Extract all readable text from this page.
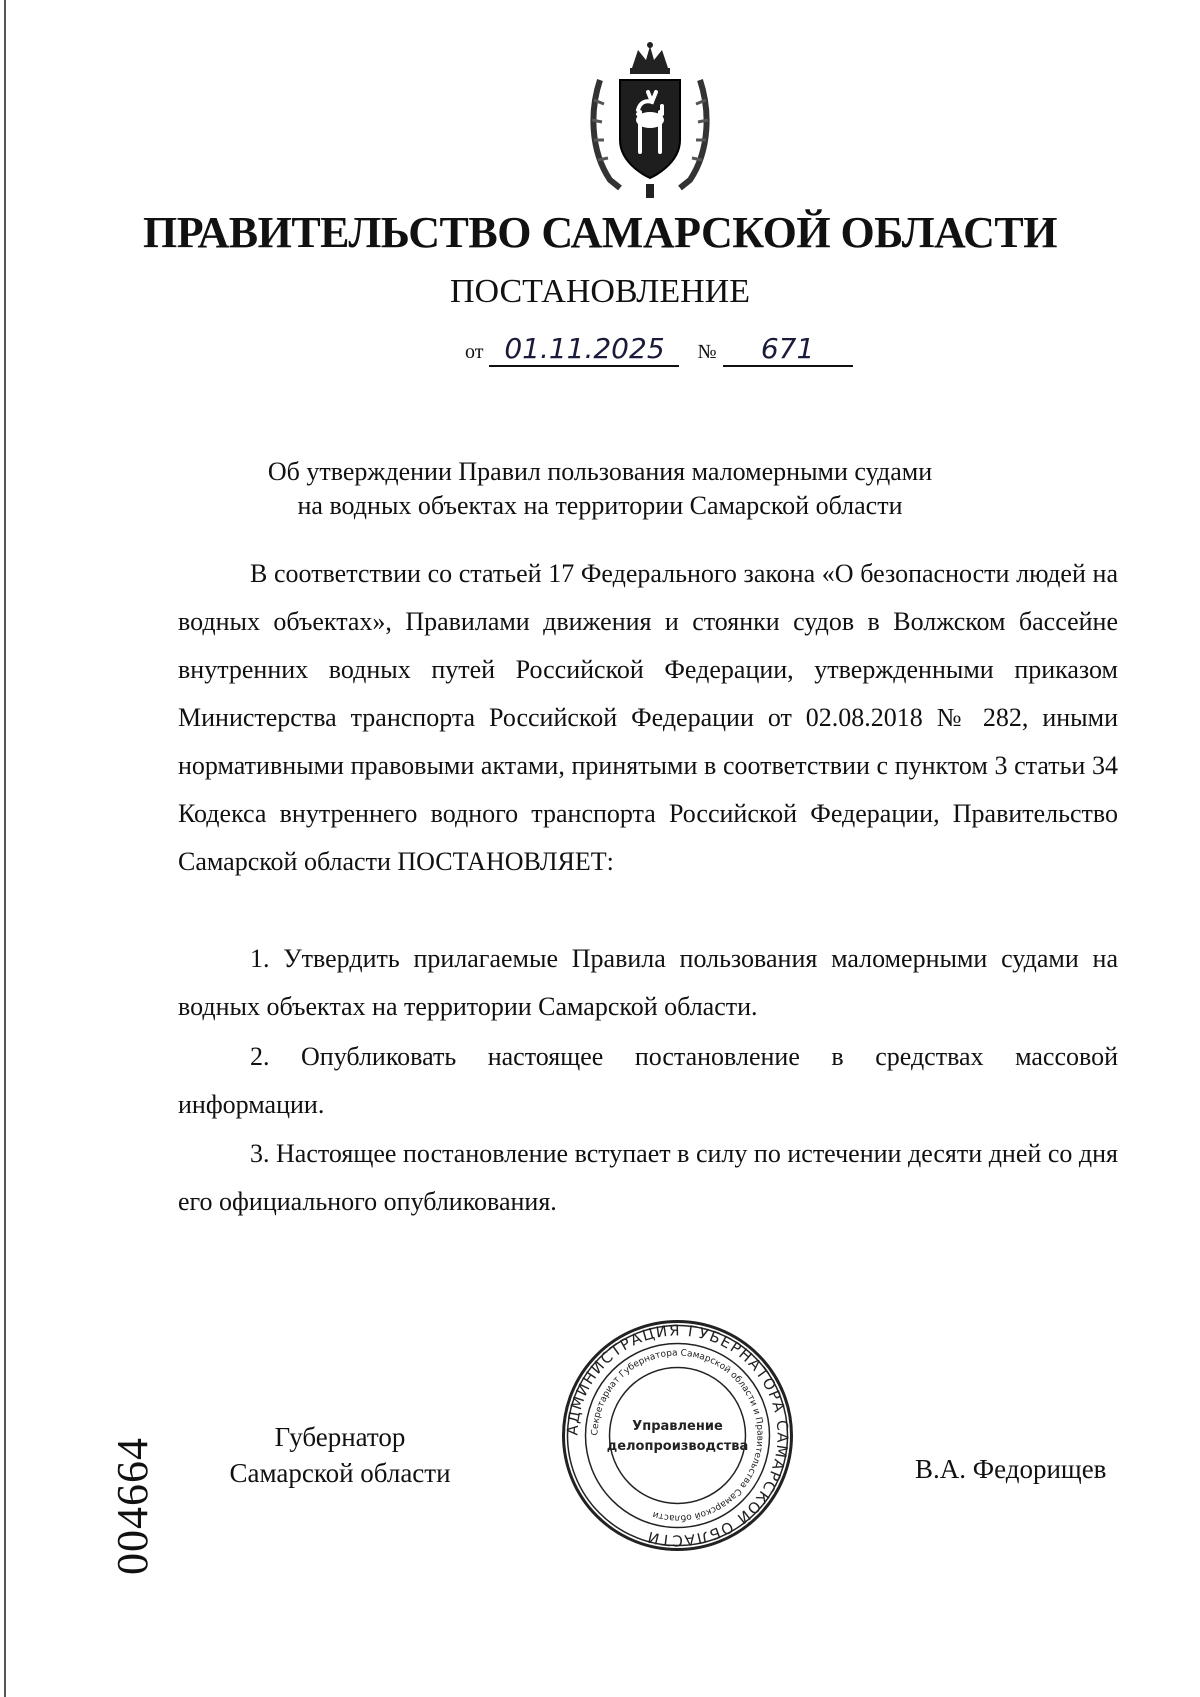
ПРАВИТЕЛЬСТВО САМАРСКОЙ ОБЛАСТИ
ПОСТАНОВЛЕНИЕ
от 01.11.2025 № 671
Об утверждении Правил пользования маломерными судами
на водных объектах на территории Самарской области
В соответствии со статьей 17 Федерального закона «О безопасности людей на водных объектах», Правилами движения и стоянки судов в Волжском бассейне внутренних водных путей Российской Федерации, утвержденными приказом Министерства транспорта Российской Федерации от 02.08.2018 № 282, иными нормативными правовыми актами, принятыми в соответствии с пунктом 3 статьи 34 Кодекса внутреннего водного транспорта Российской Федерации, Правительство Самарской области ПОСТАНОВЛЯЕТ:
1. Утвердить прилагаемые Правила пользования маломерными судами на водных объектах на территории Самарской области.
2. Опубликовать настоящее постановление в средствах массовой информации.
3. Настоящее постановление вступает в силу по истечении десяти дней со дня его официального опубликования.
Губернатор
Самарской области
АДМИНИСТРАЦИЯ ГУБЕРНАТОРА САМАРСКОЙ ОБЛАСТИ
Секретариат Губернатора Самарской области и Правительства Самарской области
Управление
делопроизводства
В.А. Федорищев
004664
